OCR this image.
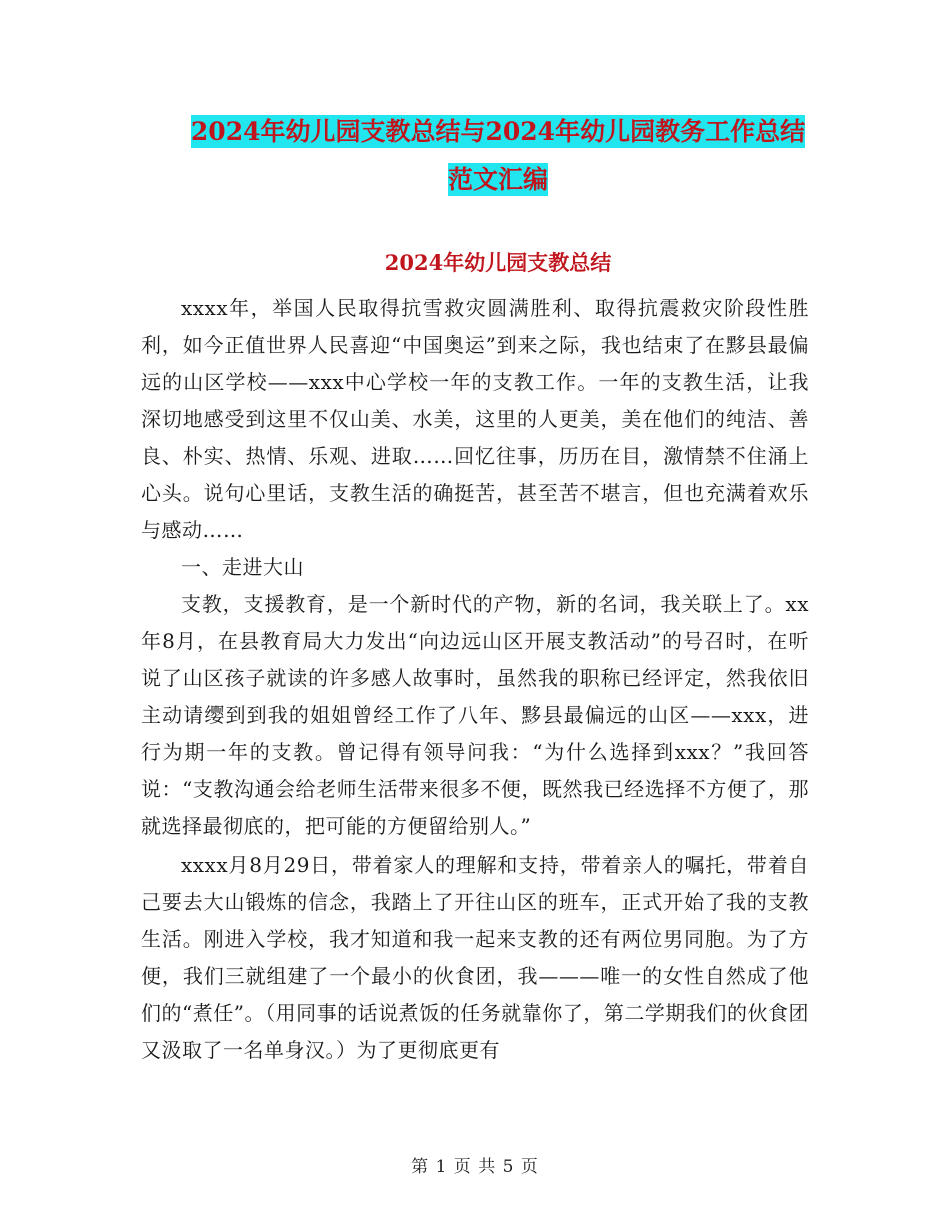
2024年幼儿园支教总结与2024年幼儿园教务工作总结
范文汇编
2024年幼儿园支教总结

xxxx年，举国人民取得抗雪救灾圆满胜利、取得抗震救灾阶段性胜利，如今正值世界人民喜迎“中国奥运”到来之际，我也结束了在黟县最偏远的山区学校——xxx中心学校一年的支教工作。一年的支教生活，让我深切地感受到这里不仅山美、水美，这里的人更美，美在他们的纯洁、善良、朴实、热情、乐观、进取……回忆往事，历历在目，激情禁不住涌上心头。说句心里话，支教生活的确挺苦，甚至苦不堪言，但也充满着欢乐与感动……

一、走进大山

支教，支援教育，是一个新时代的产物，新的名词，我关联上了。xx年8月，在县教育局大力发出“向边远山区开展支教活动”的号召时，在听说了山区孩子就读的许多感人故事时，虽然我的职称已经评定，然我依旧主动请缨到到我的姐姐曾经工作了八年、黟县最偏远的山区——xxx，进行为期一年的支教。曾记得有领导问我：“为什么选择到xxx？”我回答说：“支教沟通会给老师生活带来很多不便，既然我已经选择不方便了，那就选择最彻底的，把可能的方便留给别人。”

xxxx月8月29日，带着家人的理解和支持，带着亲人的嘱托，带着自己要去大山锻炼的信念，我踏上了开往山区的班车，正式开始了我的支教生活。刚进入学校，我才知道和我一起来支教的还有两位男同胞。为了方便，我们三就组建了一个最小的伙食团，我———唯一的女性自然成了他们的“煮任”。（用同事的话说煮饭的任务就靠你了，第二学期我们的伙食团又汲取了一名单身汉。）为了更彻底更有

第 1 页 共 5 页
